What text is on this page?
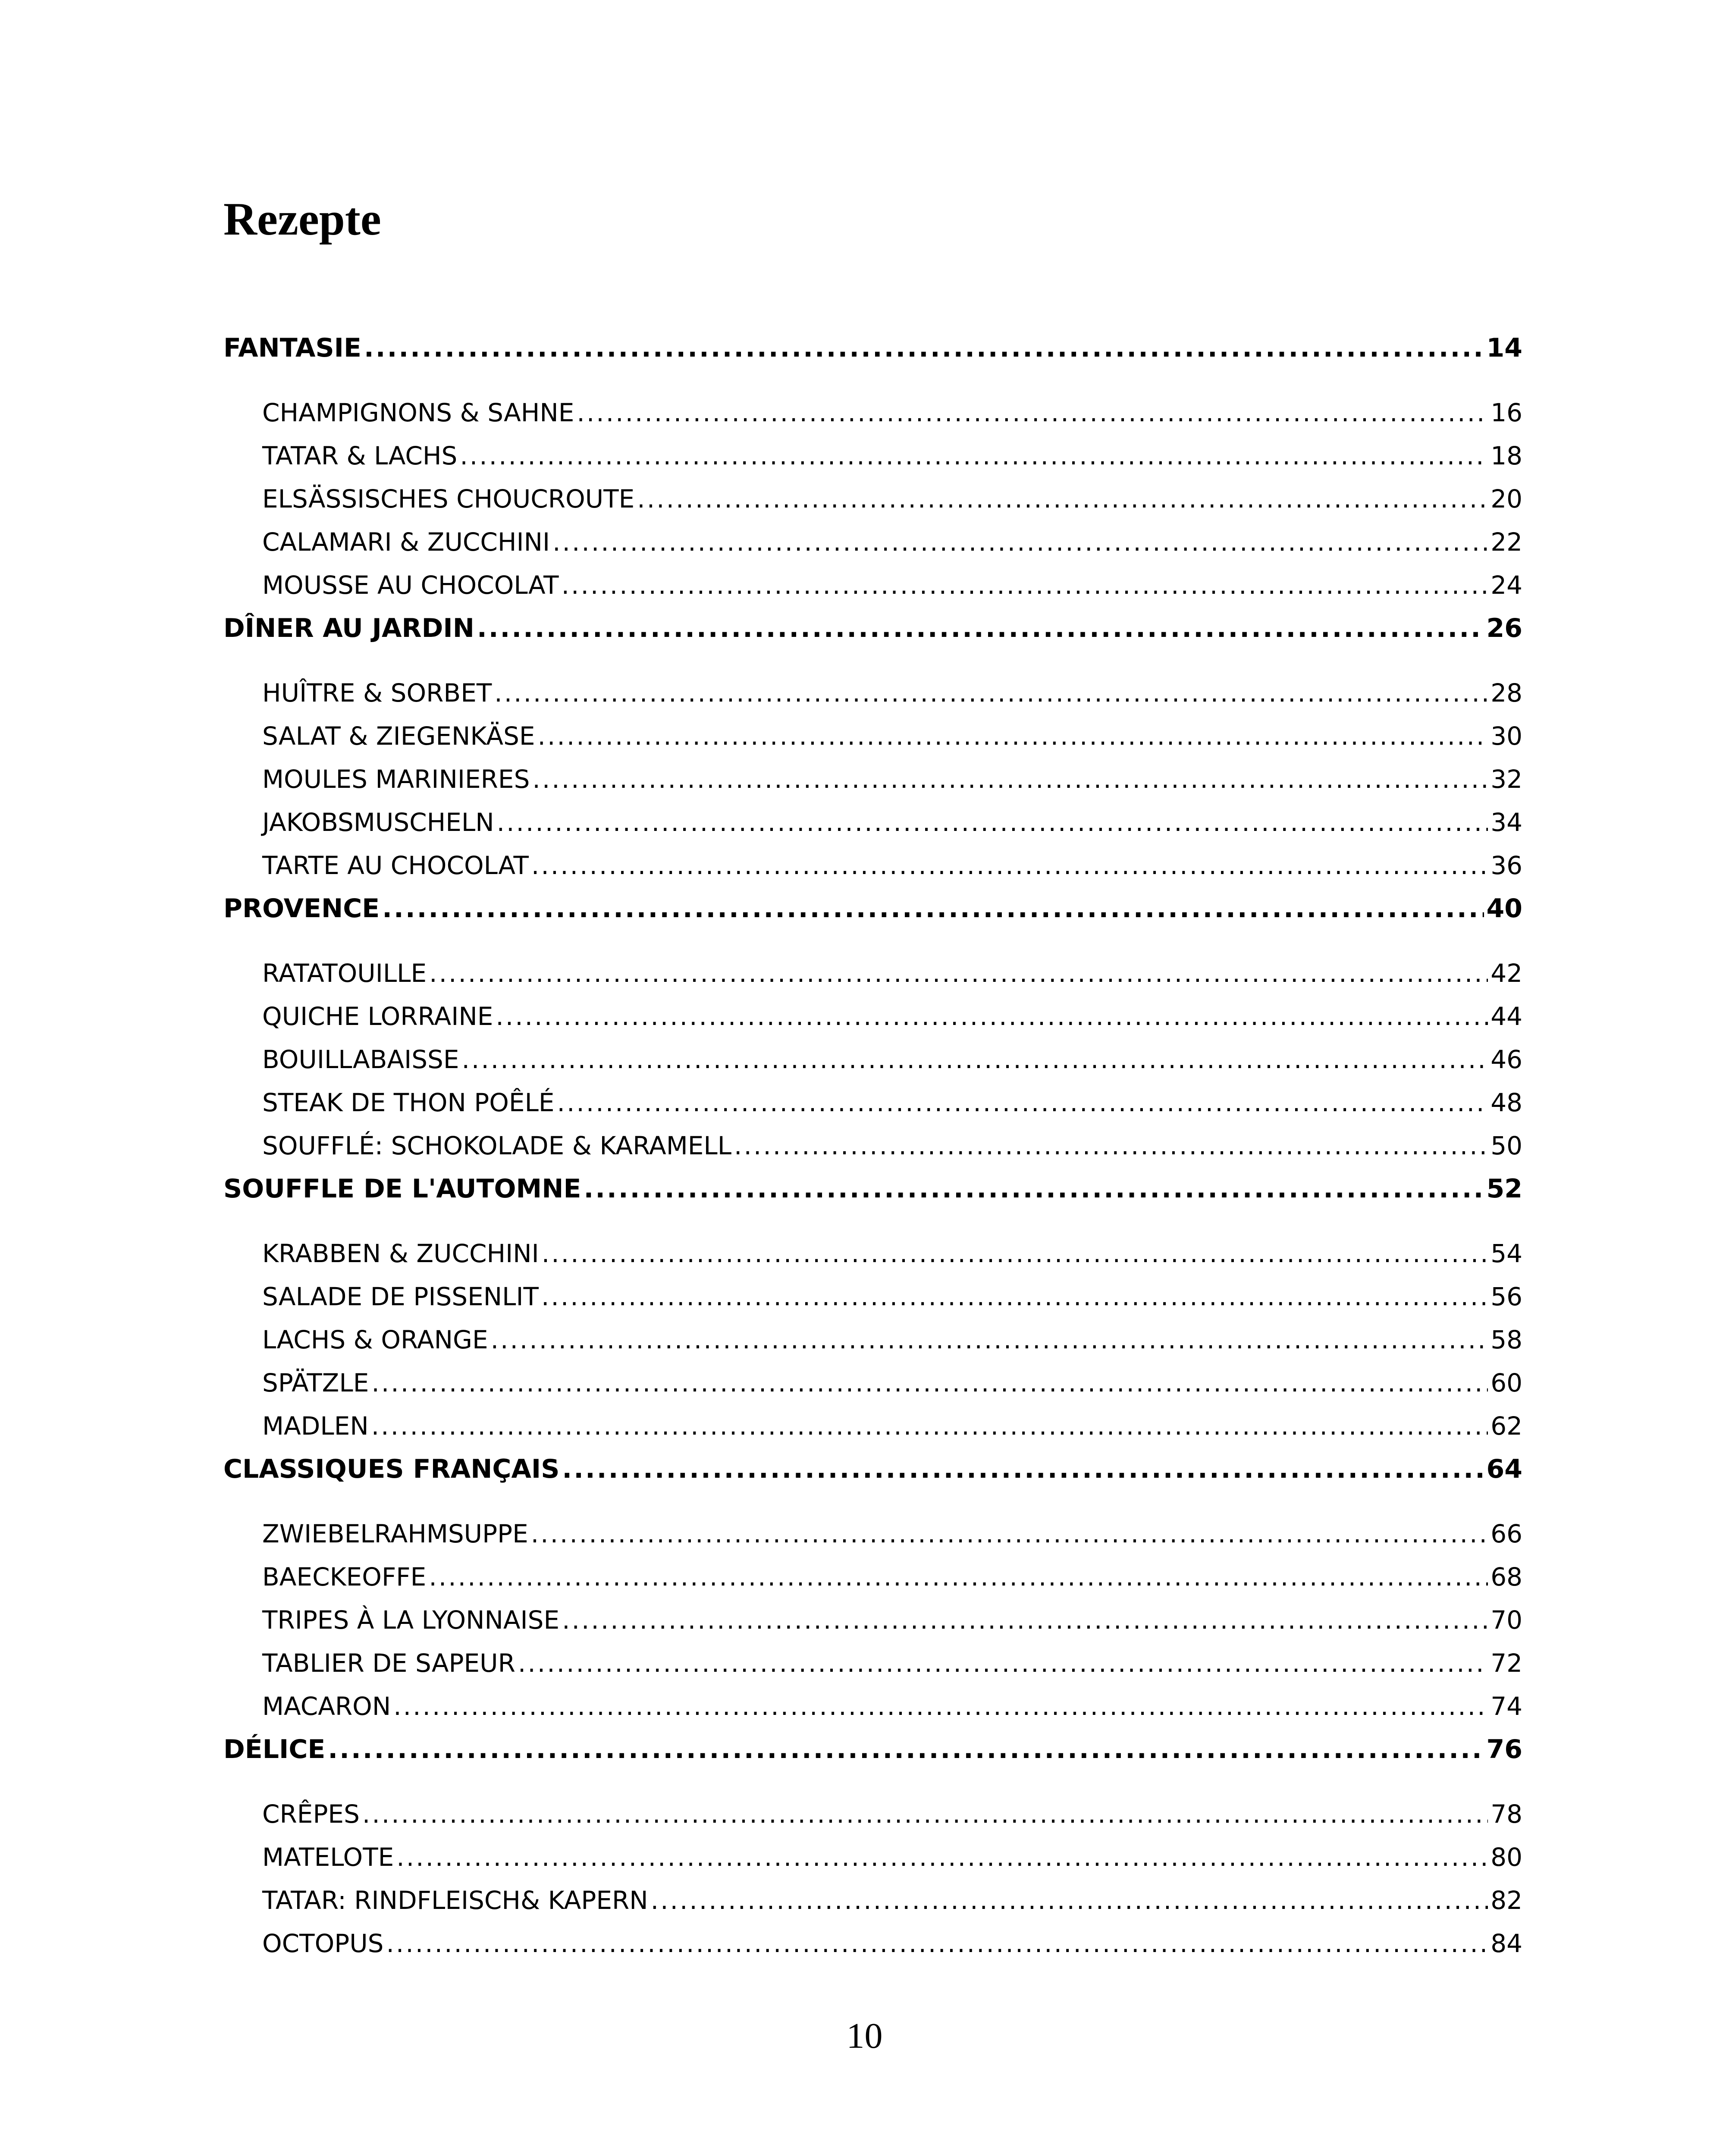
Rezepte
FANTASIE .....	14
CHAMPIGNONS & SAHNE .....	16
TATAR & LACHS .....	18
ELSÄSSISCHES CHOUCROUTE .....	20
CALAMARI & ZUCCHINI .....	22
MOUSSE AU CHOCOLAT .....	24
DÎNER AU JARDIN .....	26
HUÎTRE & SORBET .....	28
SALAT & ZIEGENKÄSE .....	30
MOULES MARINIERES .....	32
JAKOBSMUSCHELN .....	34
TARTE AU CHOCOLAT .....	36
PROVENCE .....	40
RATATOUILLE .....	42
QUICHE LORRAINE .....	44
BOUILLABAISSE .....	46
STEAK DE THON POÊLÉ .....	48
SOUFFLÉ: SCHOKOLADE & KARAMELL .....	50
SOUFFLE DE L'AUTOMNE .....	52
KRABBEN & ZUCCHINI .....	54
SALADE DE PISSENLIT .....	56
LACHS & ORANGE .....	58
SPÄTZLE .....	60
MADLEN .....	62
CLASSIQUES FRANÇAIS .....	64
ZWIEBELRAHMSUPPE .....	66
BAECKEOFFE .....	68
TRIPES À LA LYONNAISE .....	70
TABLIER DE SAPEUR .....	72
MACARON .....	74
DÉLICE .....	76
CRÊPES .....	78
MATELOTE .....	80
TATAR: RINDFLEISCH& KAPERN .....	82
OCTOPUS .....	84
10
